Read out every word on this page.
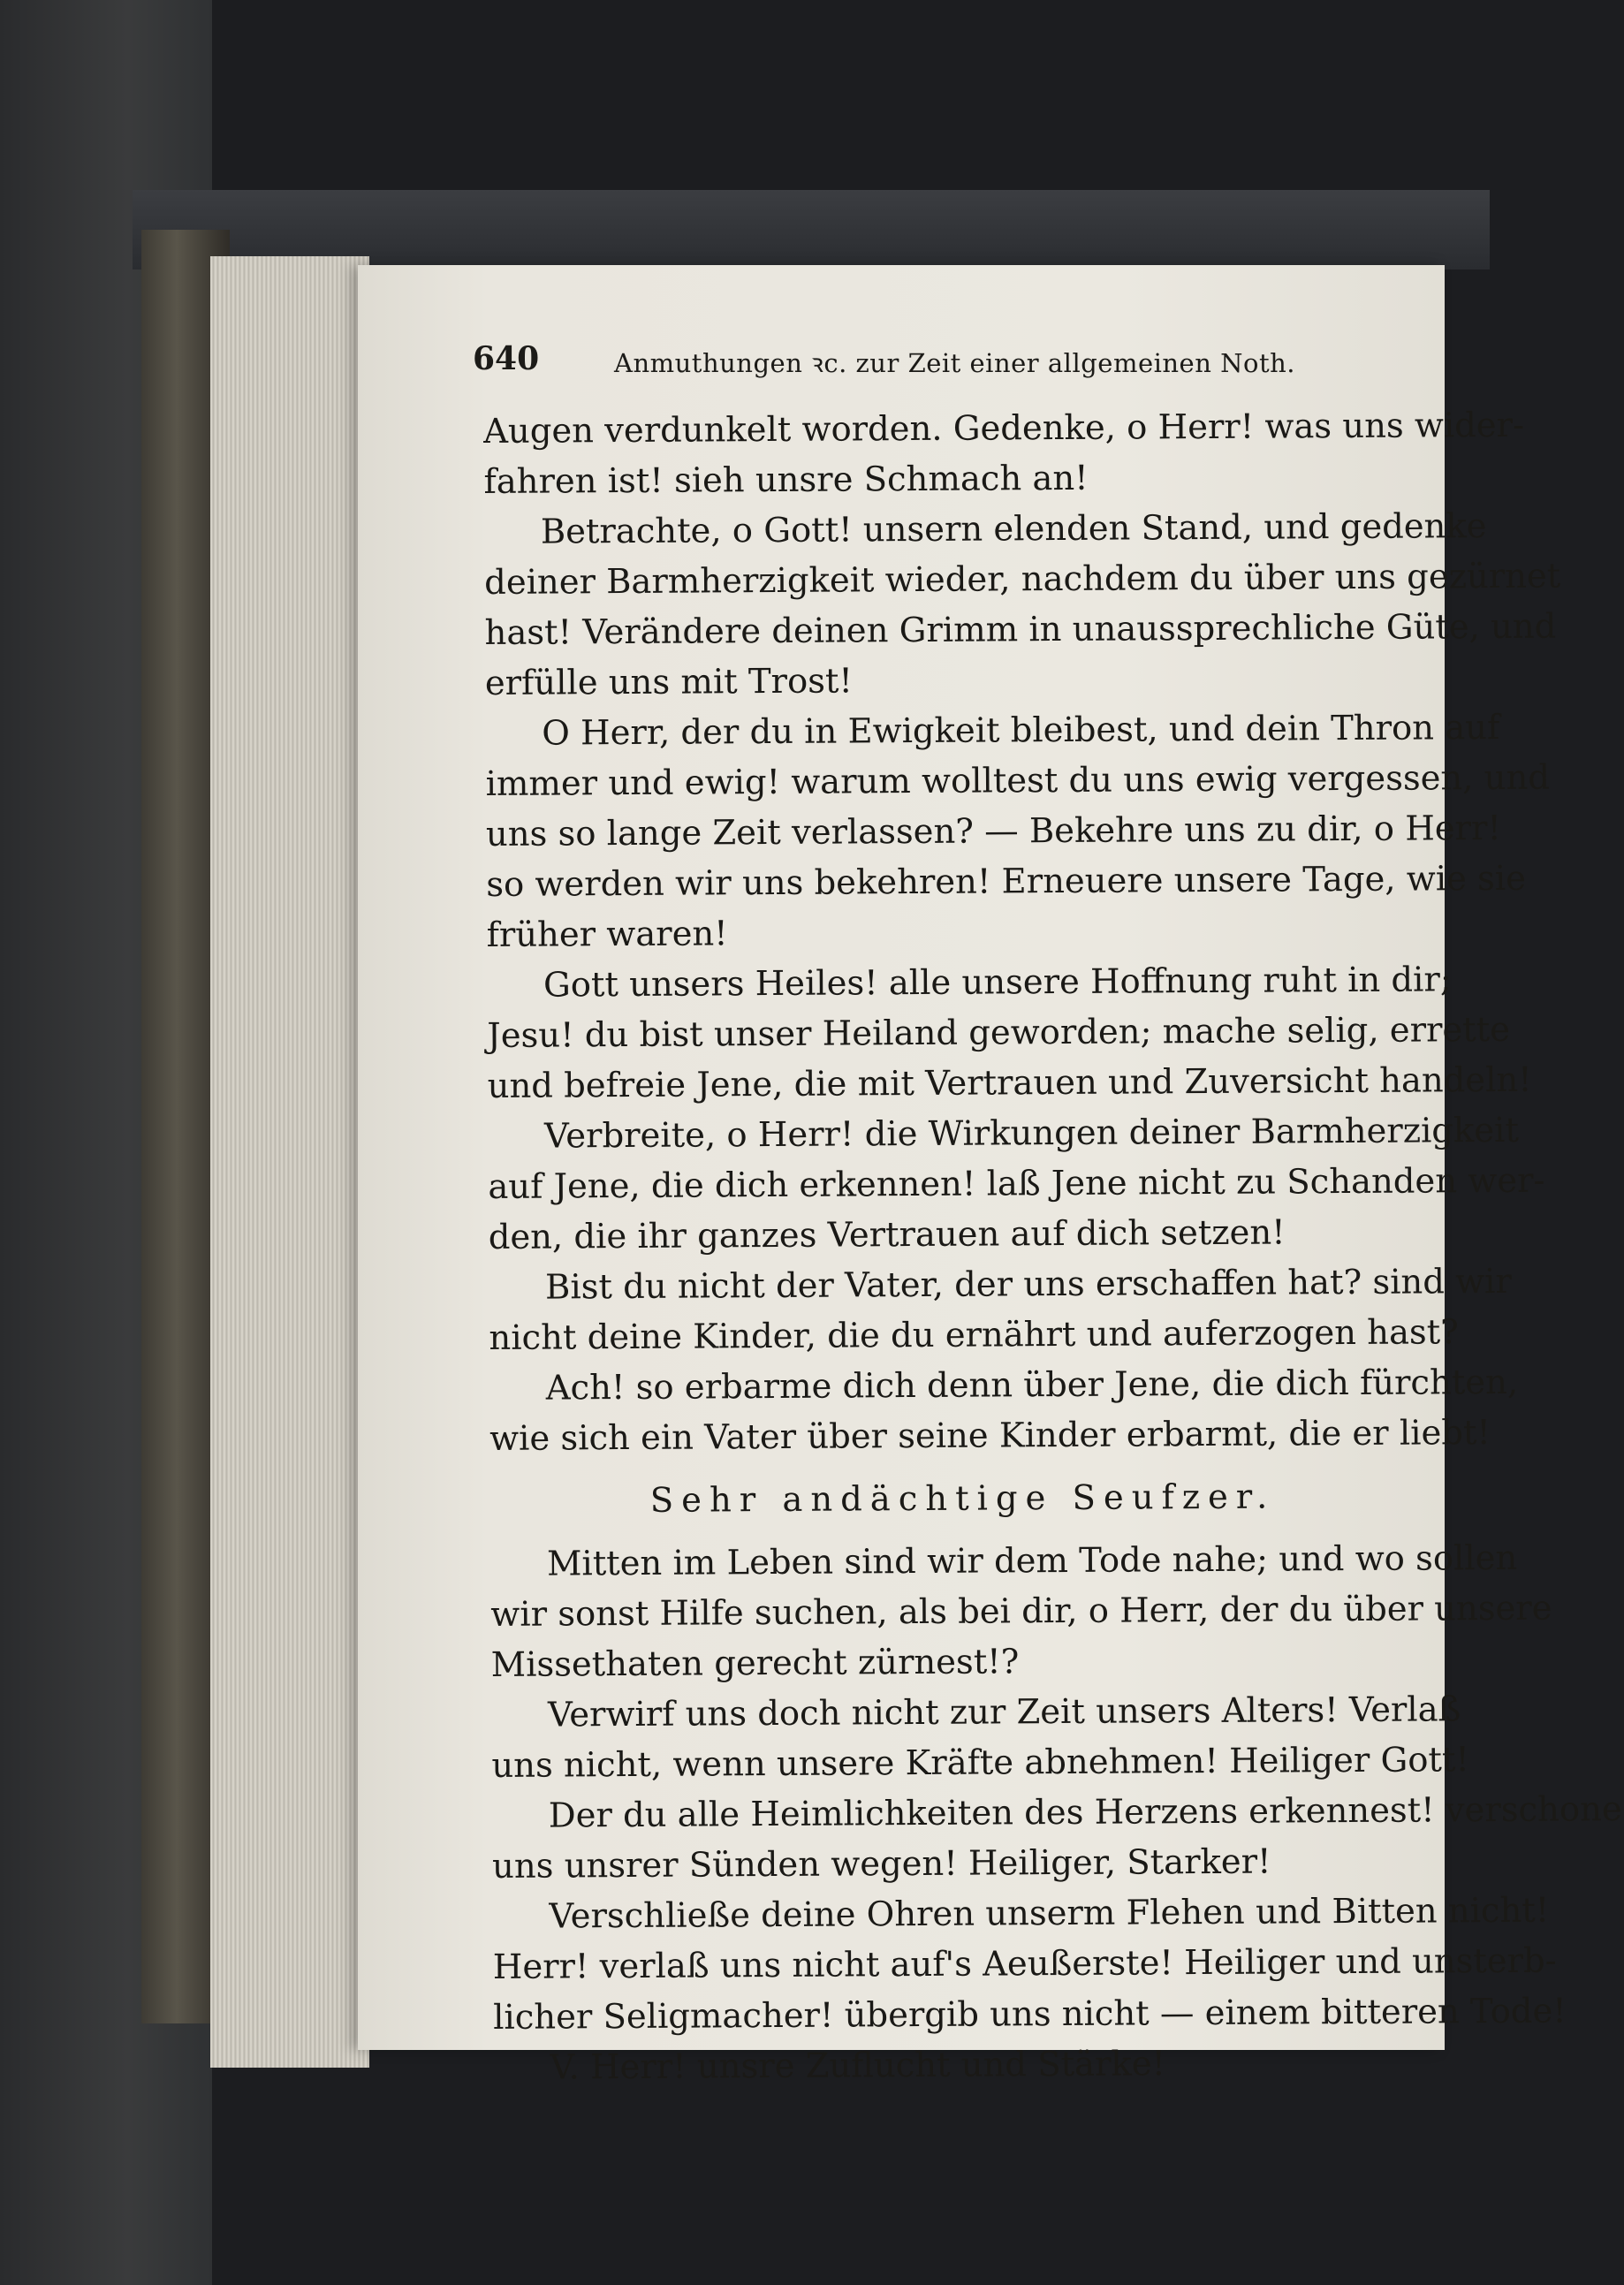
640	Anmuthungen ꝛc. zur Zeit einer allgemeinen Noth.
Augen verdunkelt worden. Gedenke, o Herr! was uns wider-
fahren ist! sieh unsre Schmach an!
Betrachte, o Gott! unsern elenden Stand, und gedenke
deiner Barmherzigkeit wieder, nachdem du über uns gezürnet
hast! Verändere deinen Grimm in unaussprechliche Güte, und
erfülle uns mit Trost!
O Herr, der du in Ewigkeit bleibest, und dein Thron auf
immer und ewig! warum wolltest du uns ewig vergessen, und
uns so lange Zeit verlassen? — Bekehre uns zu dir, o Herr!
so werden wir uns bekehren! Erneuere unsere Tage, wie sie
früher waren!
Gott unsers Heiles! alle unsere Hoffnung ruht in dir;
Jesu! du bist unser Heiland geworden; mache selig, errette
und befreie Jene, die mit Vertrauen und Zuversicht handeln!
Verbreite, o Herr! die Wirkungen deiner Barmherzigkeit
auf Jene, die dich erkennen! laß Jene nicht zu Schanden wer-
den, die ihr ganzes Vertrauen auf dich setzen!
Bist du nicht der Vater, der uns erschaffen hat? sind wir
nicht deine Kinder, die du ernährt und auferzogen hast?
Ach! so erbarme dich denn über Jene, die dich fürchten,
wie sich ein Vater über seine Kinder erbarmt, die er liebt!
Sehr andächtige Seufzer.
Mitten im Leben sind wir dem Tode nahe; und wo sollen
wir sonst Hilfe suchen, als bei dir, o Herr, der du über unsere
Missethaten gerecht zürnest!?
Verwirf uns doch nicht zur Zeit unsers Alters! Verlaß
uns nicht, wenn unsere Kräfte abnehmen! Heiliger Gott!
Der du alle Heimlichkeiten des Herzens erkennest! verschone
uns unsrer Sünden wegen! Heiliger, Starker!
Verschließe deine Ohren unserm Flehen und Bitten nicht!
Herr! verlaß uns nicht auf's Aeußerste! Heiliger und unsterb-
licher Seligmacher! übergib uns nicht — einem bitteren Tode!
V. Herr! unsre Zuflucht und Stärke!
